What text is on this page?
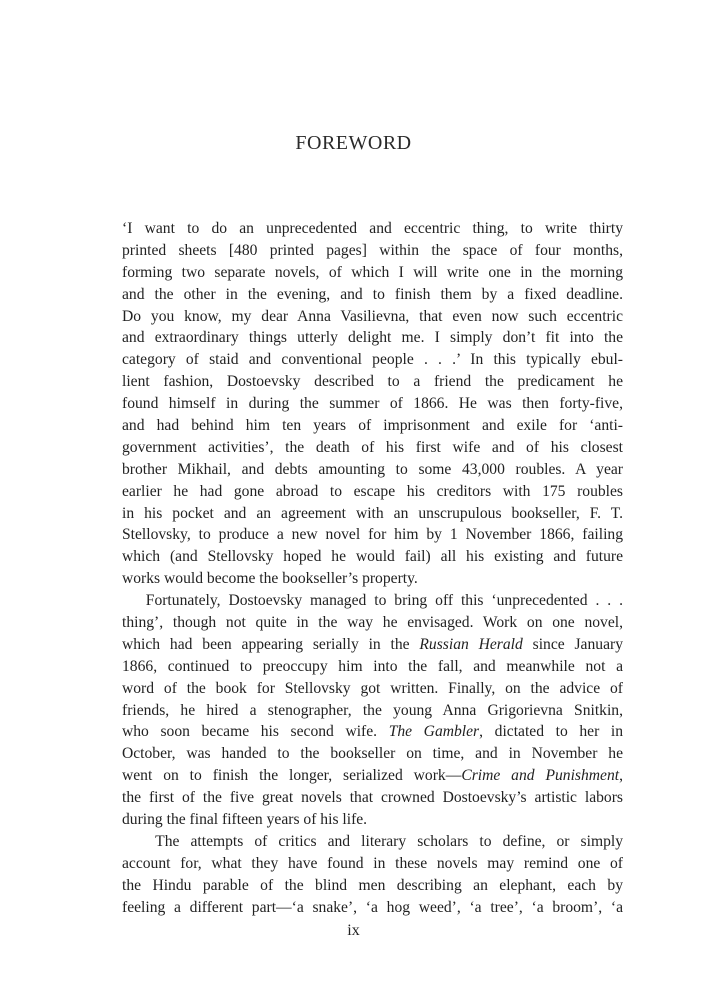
FOREWORD
‘I want to do an unprecedented and eccentric thing, to write thirty
printed sheets [480 printed pages] within the space of four months,
forming two separate novels, of which I will write one in the morning
and the other in the evening, and to finish them by a fixed deadline.
Do you know, my dear Anna Vasilievna, that even now such eccentric
and extraordinary things utterly delight me. I simply don’t fit into the
category of staid and conventional people . . .’ In this typically ebul-
lient fashion, Dostoevsky described to a friend the predicament he
found himself in during the summer of 1866. He was then forty-five,
and had behind him ten years of imprisonment and exile for ‘anti-
government activities’, the death of his first wife and of his closest
brother Mikhail, and debts amounting to some 43,000 roubles. A year
earlier he had gone abroad to escape his creditors with 175 roubles
in his pocket and an agreement with an unscrupulous bookseller, F. T.
Stellovsky, to produce a new novel for him by 1 November 1866, failing
which (and Stellovsky hoped he would fail) all his existing and future
works would become the bookseller’s property.
Fortunately, Dostoevsky managed to bring off this ‘unprecedented . . .
thing’, though not quite in the way he envisaged. Work on one novel,
which had been appearing serially in the Russian Herald since January
1866, continued to preoccupy him into the fall, and meanwhile not a
word of the book for Stellovsky got written. Finally, on the advice of
friends, he hired a stenographer, the young Anna Grigorievna Snitkin,
who soon became his second wife. The Gambler, dictated to her in
October, was handed to the bookseller on time, and in November he
went on to finish the longer, serialized work—Crime and Punishment,
the first of the five great novels that crowned Dostoevsky’s artistic labors
during the final fifteen years of his life.
The attempts of critics and literary scholars to define, or simply
account for, what they have found in these novels may remind one of
the Hindu parable of the blind men describing an elephant, each by
feeling a different part—‘a snake’, ‘a hog weed’, ‘a tree’, ‘a broom’, ‘a
ix
